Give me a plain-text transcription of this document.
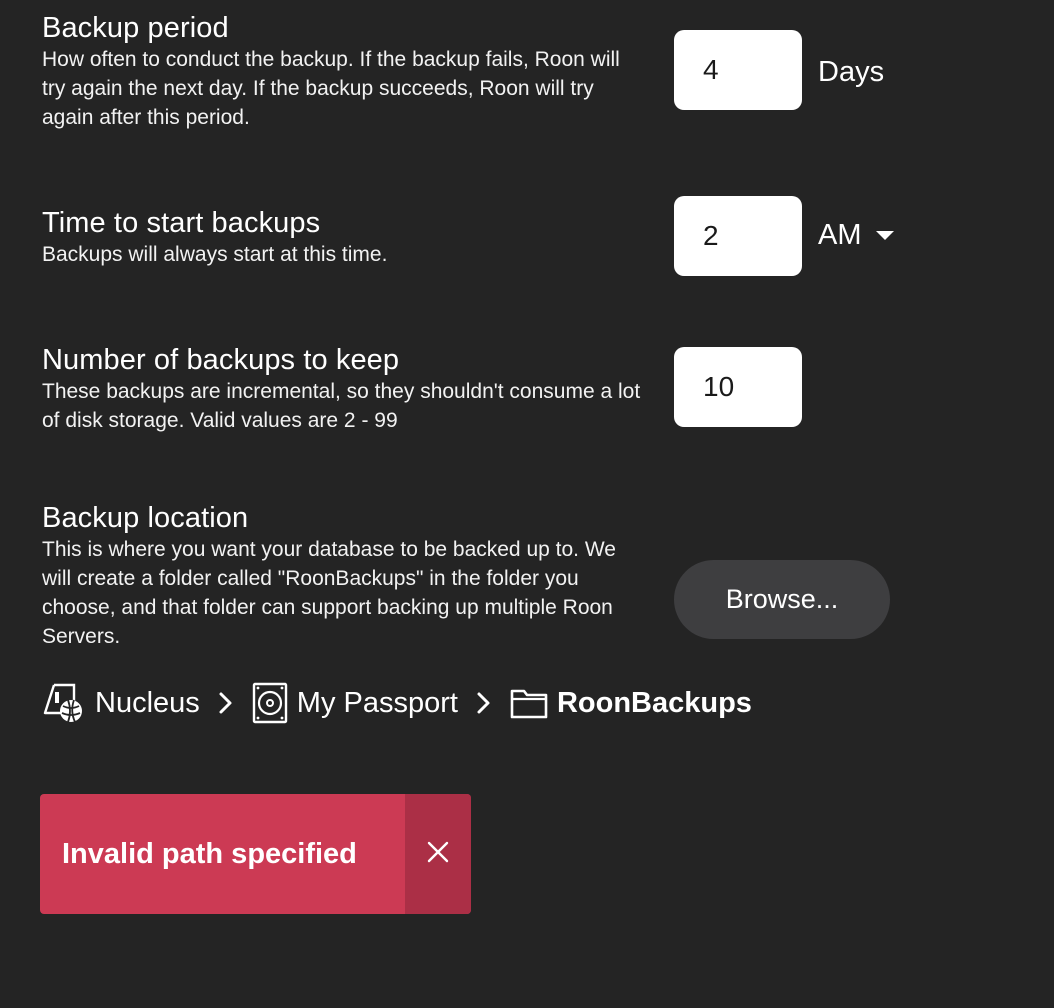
Backup period

How often to conduct the backup. If the backup fails, Roon will try again the next day. If the backup succeeds, Roon will try again after this period.

4
Days
Time to start backups

Backups will always start at this time.

2
AM
Number of backups to keep

These backups are incremental, so they shouldn't consume a lot of disk storage. Valid values are 2 - 99

10
Backup location

This is where you want your database to be backed up to. We will create a folder called "RoonBackups" in the folder you choose, and that folder can support backing up multiple Roon Servers.

Browse...
Nucleus	My Passport	RoonBackups
Invalid path specified
